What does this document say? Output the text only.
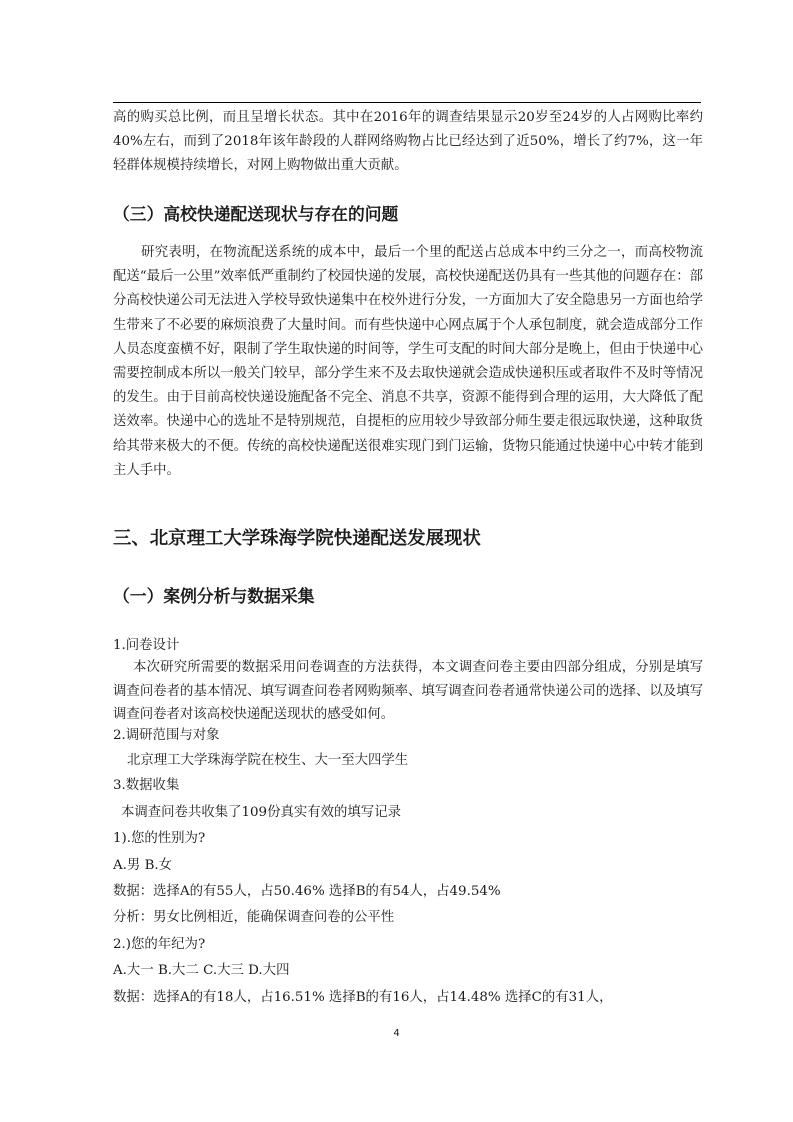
高的购买总比例，而且呈增长状态。其中在2016年的调查结果显示20岁至24岁的人占网购比率约40%左右，而到了2018年该年龄段的人群网络购物占比已经达到了近50%，增长了约7%，这一年轻群体规模持续增长，对网上购物做出重大贡献。

（三）高校快递配送现状与存在的问题

研究表明，在物流配送系统的成本中，最后一个里的配送占总成本中约三分之一，而高校物流配送“最后一公里”效率低严重制约了校园快递的发展，高校快递配送仍具有一些其他的问题存在：部分高校快递公司无法进入学校导致快递集中在校外进行分发，一方面加大了安全隐患另一方面也给学生带来了不必要的麻烦浪费了大量时间。而有些快递中心网点属于个人承包制度，就会造成部分工作人员态度蛮横不好，限制了学生取快递的时间等，学生可支配的时间大部分是晚上，但由于快递中心需要控制成本所以一般关门较早，部分学生来不及去取快递就会造成快递积压或者取件不及时等情况的发生。由于目前高校快递设施配备不完全、消息不共享，资源不能得到合理的运用，大大降低了配送效率。快递中心的选址不是特别规范，自提柜的应用较少导致部分师生要走很远取快递，这种取货给其带来极大的不便。传统的高校快递配送很难实现门到门运输，货物只能通过快递中心中转才能到主人手中。

三、北京理工大学珠海学院快递配送发展现状
（一）案例分析与数据采集
1.问卷设计

本次研究所需要的数据采用问卷调查的方法获得，本文调查问卷主要由四部分组成，分别是填写调查问卷者的基本情况、填写调查问卷者网购频率、填写调查问卷者通常快递公司的选择、以及填写调查问卷者对该高校快递配送现状的感受如何。

2.调研范围与对象
北京理工大学珠海学院在校生、大一至大四学生
3.数据收集
本调查问卷共收集了109份真实有效的填写记录
1).您的性别为?
A.男 B.女
数据：选择A的有55人，占50.46% 选择B的有54人，占49.54%
分析：男女比例相近，能确保调查问卷的公平性
2.)您的年纪为?
A.大一 B.大二 C.大三 D.大四
数据：选择A的有18人，占16.51% 选择B的有16人，占14.48% 选择C的有31人，
4
